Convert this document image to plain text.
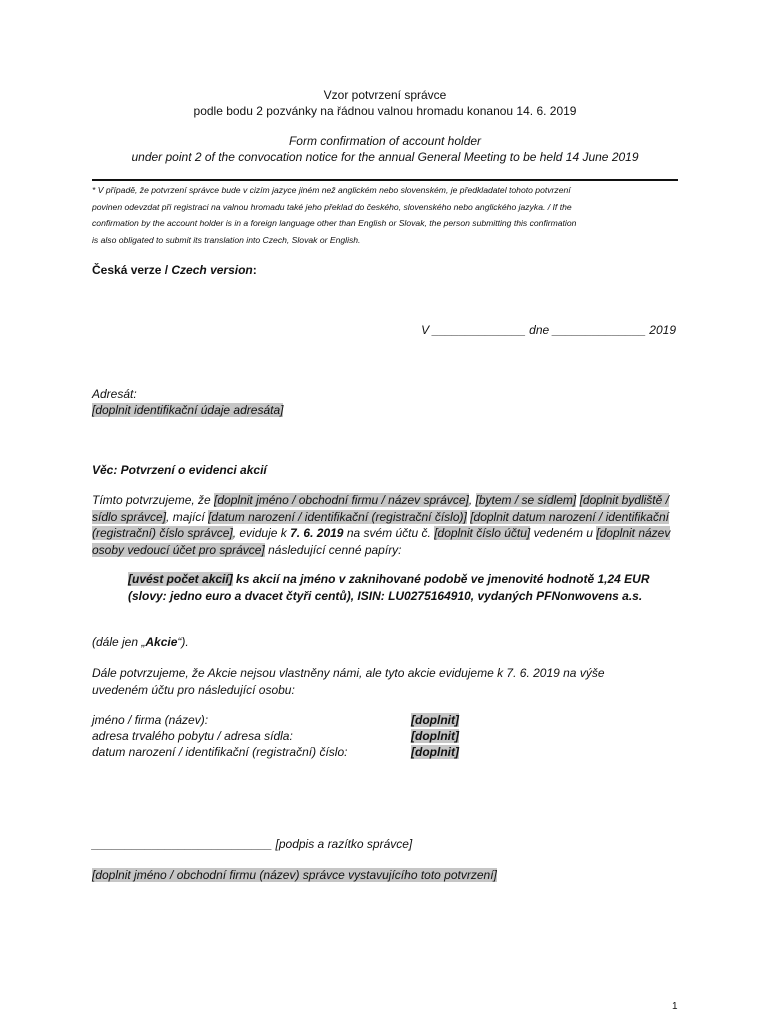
Vzor potvrzení správce
podle bodu 2 pozvánky na řádnou valnou hromadu konanou 14. 6. 2019
Form confirmation of account holder
under point 2 of the convocation notice for the annual General Meeting to be held 14 June 2019
* V případě, že potvrzení správce bude v cizím jazyce jiném než anglickém nebo slovenském, je předkladatel tohoto potvrzení
povinen odevzdat při registraci na valnou hromadu také jeho překlad do českého, slovenského nebo anglického jazyka. / If the
confirmation by the account holder is in a foreign language other than English or Slovak, the person submitting this confirmation
is also obligated to submit its translation into Czech, Slovak or English.
Česká verze / Czech version:
V ______________ dne ______________ 2019
Adresát:
[doplnit identifikační údaje adresáta]
Věc: Potvrzení o evidenci akcií
Tímto potvrzujeme, že [doplnit jméno / obchodní firmu / název správce], [bytem / se sídlem] [doplnit bydliště / sídlo správce], mající [datum narození / identifikační (registrační číslo)] [doplnit datum narození / identifikační (registrační) číslo správce], eviduje k 7. 6. 2019 na svém účtu č. [doplnit číslo účtu] vedeném u [doplnit název osoby vedoucí účet pro správce] následující cenné papíry:
[uvést počet akcií] ks akcií na jméno v zaknihované podobě ve jmenovité hodnotě 1,24 EUR (slovy: jedno euro a dvacet čtyři centů), ISIN: LU0275164910, vydaných PFNonwovens a.s.
(dále jen „Akcie“).
Dále potvrzujeme, že Akcie nejsou vlastněny námi, ale tyto akcie evidujeme k 7. 6. 2019 na výše uvedeném účtu pro následující osobu:
jméno / firma (název):	[doplnit]
adresa trvalého pobytu / adresa sídla:	[doplnit]
datum narození / identifikační (registrační) číslo:	[doplnit]
___________________________ [podpis a razítko správce]
[doplnit jméno / obchodní firmu (název) správce vystavujícího toto potvrzení]
1
